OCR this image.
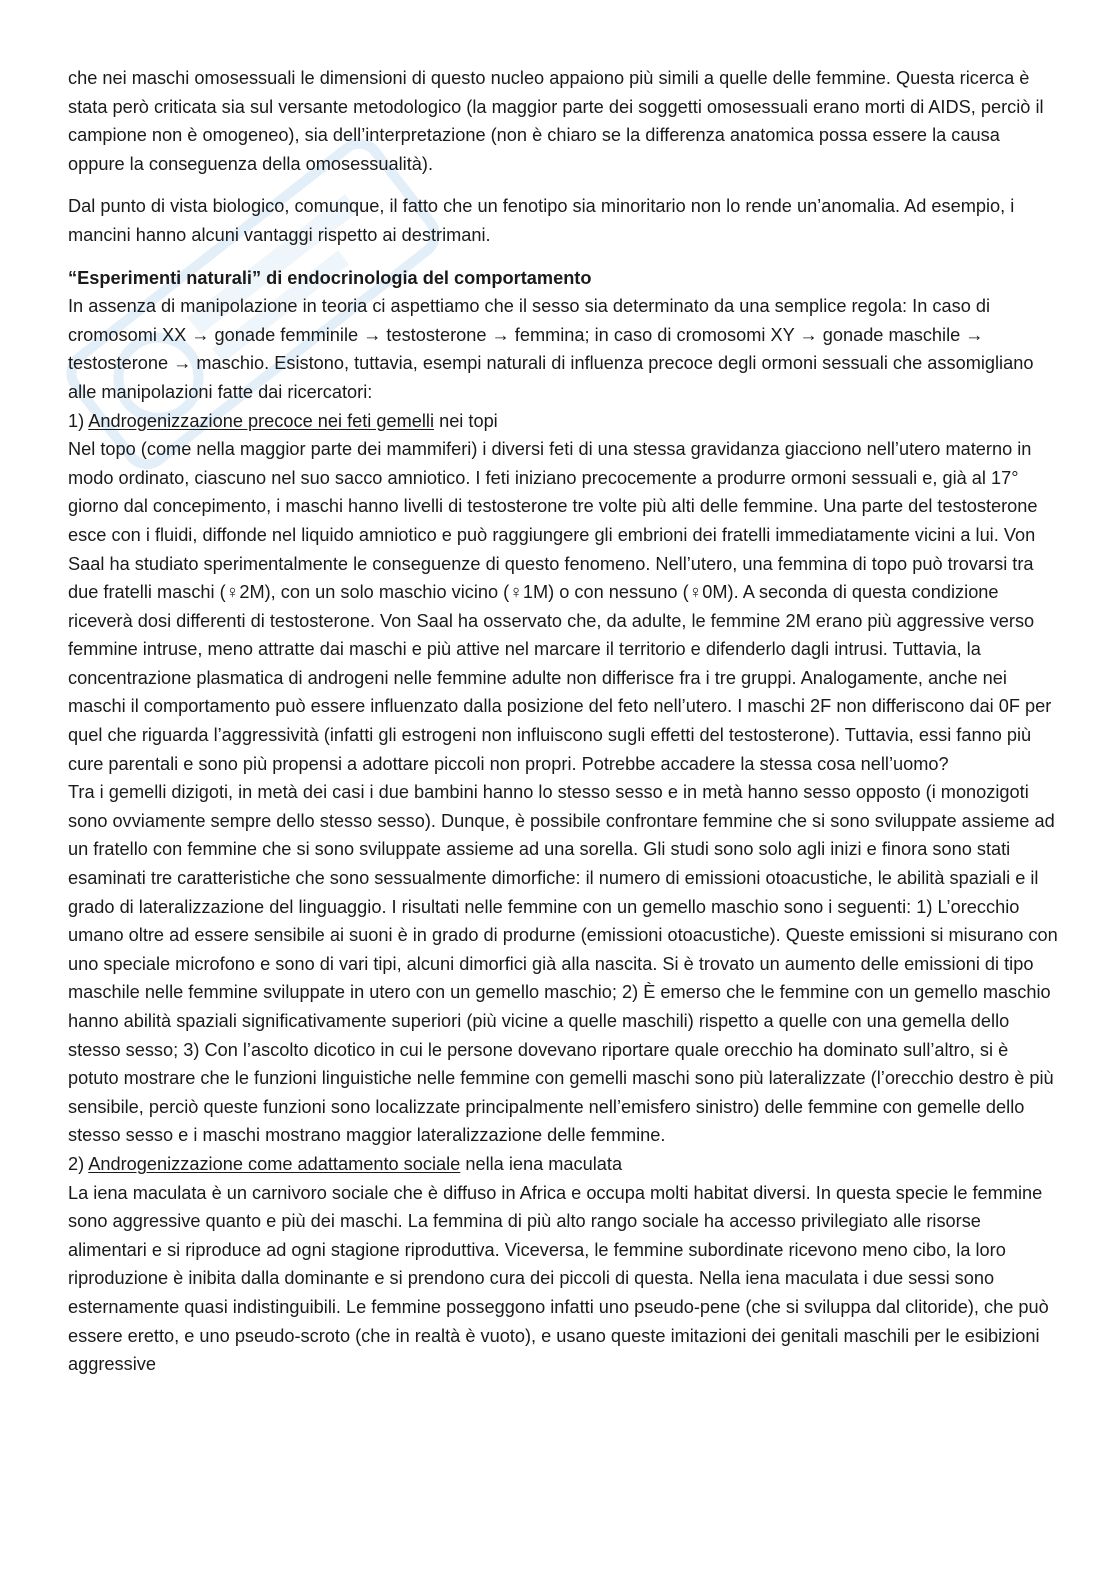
che nei maschi omosessuali le dimensioni di questo nucleo appaiono più simili a quelle delle femmine. Questa ricerca è stata però criticata sia sul versante metodologico (la maggior parte dei soggetti omosessuali erano morti di AIDS, perciò il campione non è omogeneo), sia dell’interpretazione (non è chiaro se la differenza anatomica possa essere la causa oppure la conseguenza della omosessualità).

Dal punto di vista biologico, comunque, il fatto che un fenotipo sia minoritario non lo rende un’anomalia. Ad esempio, i mancini hanno alcuni vantaggi rispetto ai destrimani.

“Esperimenti naturali” di endocrinologia del comportamento

In assenza di manipolazione in teoria ci aspettiamo che il sesso sia determinato da una semplice regola: In caso di cromosomi XX → gonade femminile → testosterone → femmina; in caso di cromosomi XY → gonade maschile → testosterone → maschio. Esistono, tuttavia, esempi naturali di influenza precoce degli ormoni sessuali che assomigliano alle manipolazioni fatte dai ricercatori:

1) Androgenizzazione precoce nei feti gemelli nei topi

Nel topo (come nella maggior parte dei mammiferi) i diversi feti di una stessa gravidanza giacciono nell’utero materno in modo ordinato, ciascuno nel suo sacco amniotico. I feti iniziano precocemente a produrre ormoni sessuali e, già al 17° giorno dal concepimento, i maschi hanno livelli di testosterone tre volte più alti delle femmine. Una parte del testosterone esce con i fluidi, diffonde nel liquido amniotico e può raggiungere gli embrioni dei fratelli immediatamente vicini a lui. Von Saal ha studiato sperimentalmente le conseguenze di questo fenomeno. Nell’utero, una femmina di topo può trovarsi tra due fratelli maschi (♀2M), con un solo maschio vicino (♀1M) o con nessuno (♀0M). A seconda di questa condizione riceverà dosi differenti di testosterone. Von Saal ha osservato che, da adulte, le femmine 2M erano più aggressive verso femmine intruse, meno attratte dai maschi e più attive nel marcare il territorio e difenderlo dagli intrusi. Tuttavia, la concentrazione plasmatica di androgeni nelle femmine adulte non differisce fra i tre gruppi. Analogamente, anche nei maschi il comportamento può essere influenzato dalla posizione del feto nell’utero. I maschi 2F non differiscono dai 0F per quel che riguarda l’aggressività (infatti gli estrogeni non influiscono sugli effetti del testosterone). Tuttavia, essi fanno più cure parentali e sono più propensi a adottare piccoli non propri. Potrebbe accadere la stessa cosa nell’uomo?

Tra i gemelli dizigoti, in metà dei casi i due bambini hanno lo stesso sesso e in metà hanno sesso opposto (i monozigoti sono ovviamente sempre dello stesso sesso). Dunque, è possibile confrontare femmine che si sono sviluppate assieme ad un fratello con femmine che si sono sviluppate assieme ad una sorella. Gli studi sono solo agli inizi e finora sono stati esaminati tre caratteristiche che sono sessualmente dimorfiche: il numero di emissioni otoacustiche, le abilità spaziali e il grado di lateralizzazione del linguaggio. I risultati nelle femmine con un gemello maschio sono i seguenti: 1) L’orecchio umano oltre ad essere sensibile ai suoni è in grado di produrne (emissioni otoacustiche). Queste emissioni si misurano con uno speciale microfono e sono di vari tipi, alcuni dimorfici già alla nascita. Si è trovato un aumento delle emissioni di tipo maschile nelle femmine sviluppate in utero con un gemello maschio; 2) È emerso che le femmine con un gemello maschio hanno abilità spaziali significativamente superiori (più vicine a quelle maschili) rispetto a quelle con una gemella dello stesso sesso; 3) Con l’ascolto dicotico in cui le persone dovevano riportare quale orecchio ha dominato sull’altro, si è potuto mostrare che le funzioni linguistiche nelle femmine con gemelli maschi sono più lateralizzate (l’orecchio destro è più sensibile, perciò queste funzioni sono localizzate principalmente nell’emisfero sinistro) delle femmine con gemelle dello stesso sesso e i maschi mostrano maggior lateralizzazione delle femmine.

2) Androgenizzazione come adattamento sociale nella iena maculata

La iena maculata è un carnivoro sociale che è diffuso in Africa e occupa molti habitat diversi. In questa specie le femmine sono aggressive quanto e più dei maschi. La femmina di più alto rango sociale ha accesso privilegiato alle risorse alimentari e si riproduce ad ogni stagione riproduttiva. Viceversa, le femmine subordinate ricevono meno cibo, la loro riproduzione è inibita dalla dominante e si prendono cura dei piccoli di questa. Nella iena maculata i due sessi sono esternamente quasi indistinguibili. Le femmine posseggono infatti uno pseudo-pene (che si sviluppa dal clitoride), che può essere eretto, e uno pseudo-scroto (che in realtà è vuoto), e usano queste imitazioni dei genitali maschili per le esibizioni aggressive
